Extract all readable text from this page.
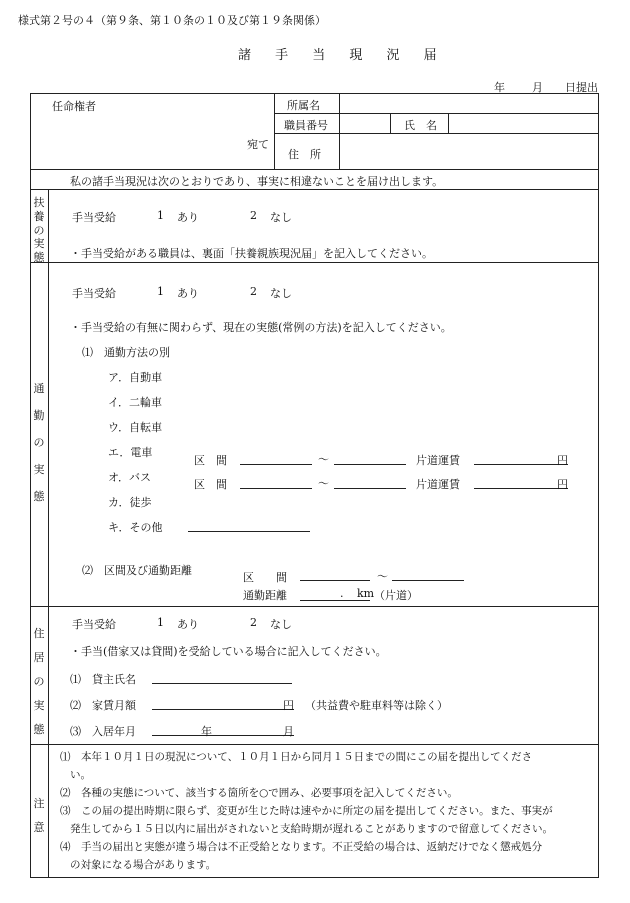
様式第２号の４（第９条、第１０条の１０及び第１９条関係）
諸 手 当 現 況 届
年 月 日提出
任命権者
宛て
所属名
職員番号	氏　名
住　所
私の諸手当現況は次のとおりであり、事実に相違ないことを届け出します。
扶養の実態
手当受給	1 あり	2 なし
・手当受給がある職員は、裏面「扶養親族現況届」を記入してください。
通勤の実態
手当受給	1 あり	2 なし
・手当受給の有無に関わらず、現在の実態(常例の方法)を記入してください。
⑴　通勤方法の別
ア．自動車
イ．二輪車
ウ．自転車
エ．電車
オ．バス
カ．徒歩
キ．その他
区　間	～	片道運賃	円
区　間	～	片道運賃	円
⑵　区間及び通勤距離
区　　間	～
通勤距離	. km （片道）
住居の実態
手当受給	1 あり	2 なし
・手当(借家又は貸間)を受給している場合に記入してください。
⑴　貸主氏名
⑵　家賃月額	円 （共益費や駐車料等は除く）
⑶　入居年月	年	月
注意
⑴　本年１０月１日の現況について、１０月１日から同月１５日までの間にこの届を提出してくださ
い。
⑵　各種の実態について、該当する箇所を○で囲み、必要事項を記入してください。
⑶　この届の提出時期に限らず、変更が生じた時は速やかに所定の届を提出してください。また、事実が
発生してから１５日以内に届出がされないと支給時期が遅れることがありますので留意してください。
⑷　手当の届出と実態が違う場合は不正受給となります。不正受給の場合は、返納だけでなく懲戒処分
の対象になる場合があります。
